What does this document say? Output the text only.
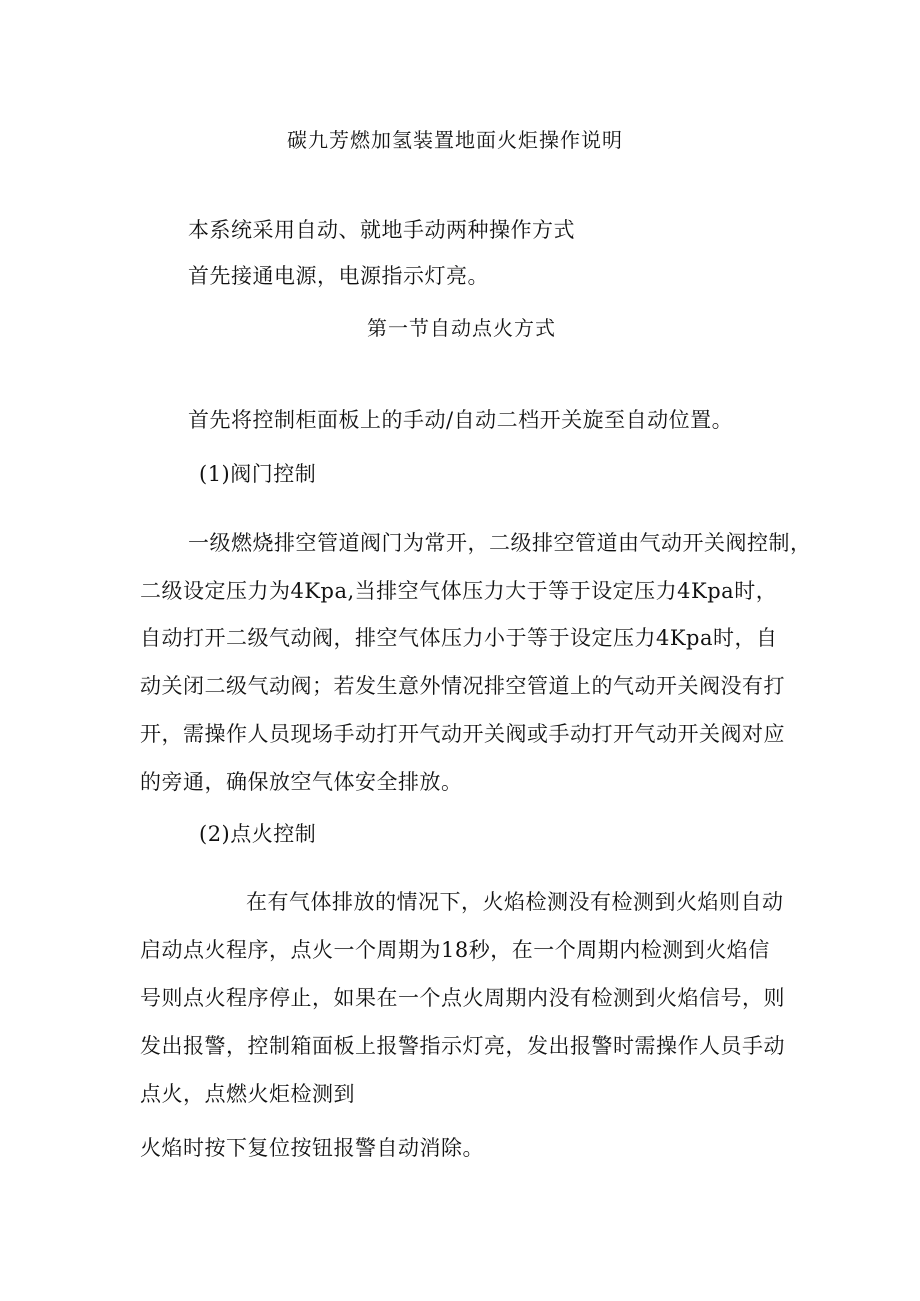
碳九芳燃加氢装置地面火炬操作说明
本系统采用自动、就地手动两种操作方式
首先接通电源，电源指示灯亮。
第一节自动点火方式
首先将控制柜面板上的手动/自动二档开关旋至自动位置。
(1)阀门控制
一级燃烧排空管道阀门为常开，二级排空管道由气动开关阀控制，
二级设定压力为4Kpa,当排空气体压力大于等于设定压力4Kpa时，
自动打开二级气动阀，排空气体压力小于等于设定压力4Kpa时，自
动关闭二级气动阀；若发生意外情况排空管道上的气动开关阀没有打
开，需操作人员现场手动打开气动开关阀或手动打开气动开关阀对应
的旁通，确保放空气体安全排放。
(2)点火控制
在有气体排放的情况下，火焰检测没有检测到火焰则自动
启动点火程序，点火一个周期为18秒，在一个周期内检测到火焰信
号则点火程序停止，如果在一个点火周期内没有检测到火焰信号，则
发出报警，控制箱面板上报警指示灯亮，发出报警时需操作人员手动
点火，点燃火炬检测到
火焰时按下复位按钮报警自动消除。
